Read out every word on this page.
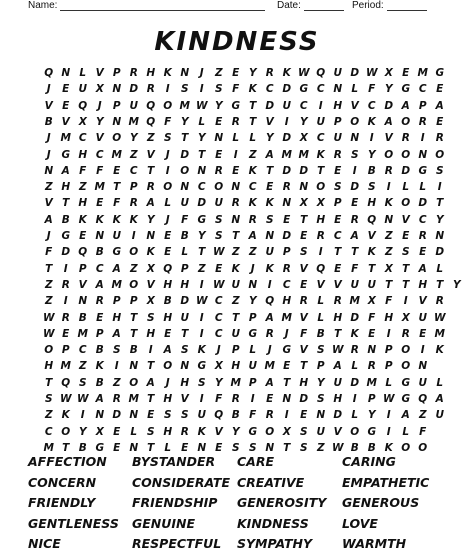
Name:	Date:	Period:
KINDNESS
Q N L V P R H K N	J	Z E Y R K W Q U D W X E M G
J	E U X N D R	I	S	I	S F K C D G C N L F Y G C E
V E Q	J	P U Q O M W Y G T D U C	I	H V C D A P A
B V X Y N M Q F Y L E R T V	I	Y U P O K A O R E
J M C V O Y Z S T Y N L L Y D X C U N	I	V R	I	R
J	G H C M Z V	J	D T E	I	Z A M M K R S Y O O N O
N A F F E C T	I	O N R E K T D D T E	I	B R D G S
Z H Z M T P R O N C O N C E R N O S D S	I	L L	I
V T H E F R A L U D U R K K N X X P E H K O D T
A B K K K K Y	J	F G S N R S E T H E R Q N V C Y
J	G E N U	I	N E B Y S T A N D E R C A V Z E R N
F D Q B G O K E L T W Z Z U P S	I	T T K Z S E D
T	I	P C A Z X Q P Z E K	J	K R V Q E F T X T A L
Z R V A M O V H H	I W U N	I	C E V V U U T T H T Y
Z	I	N R P P X B D W C Z Y Q H R L R M X F	I	V R
W R B E H T S H U	I	C T P A M V L H D F H X U W
W E M P A T H E T	I	C U G R	J	F B T K E	I	R E M
O P C B S B	I	A S K	J	P L	J	G V S W R N P O	I	K
H M Z K	I	N T O N G X H U M E T P A L R P O N
T Q S B Z O A	J	H S Y M P A T H Y U D M L G U L
S W W A R M T H V	I	F R	I	E N D S H	I	P W G Q A
Z K	I	N D N E S S U Q B F R	I	E N D L Y	I	A Z U
C O Y X E L S H R K V Y G O X S U V O G	I	L F
M T B G E N T L E N E S S N T S Z W B B K O O
AFFECTION BYSTANDER CARE	CARING
CONCERN	CONSIDERATE CREATIVE	EMPATHETIC
FRIENDLY	FRIENDSHIP GENEROSITY GENEROUS
GENTLENESS GENUINE	KINDNESS	LOVE
NICE	RESPECTFUL SYMPATHY WARMTH
